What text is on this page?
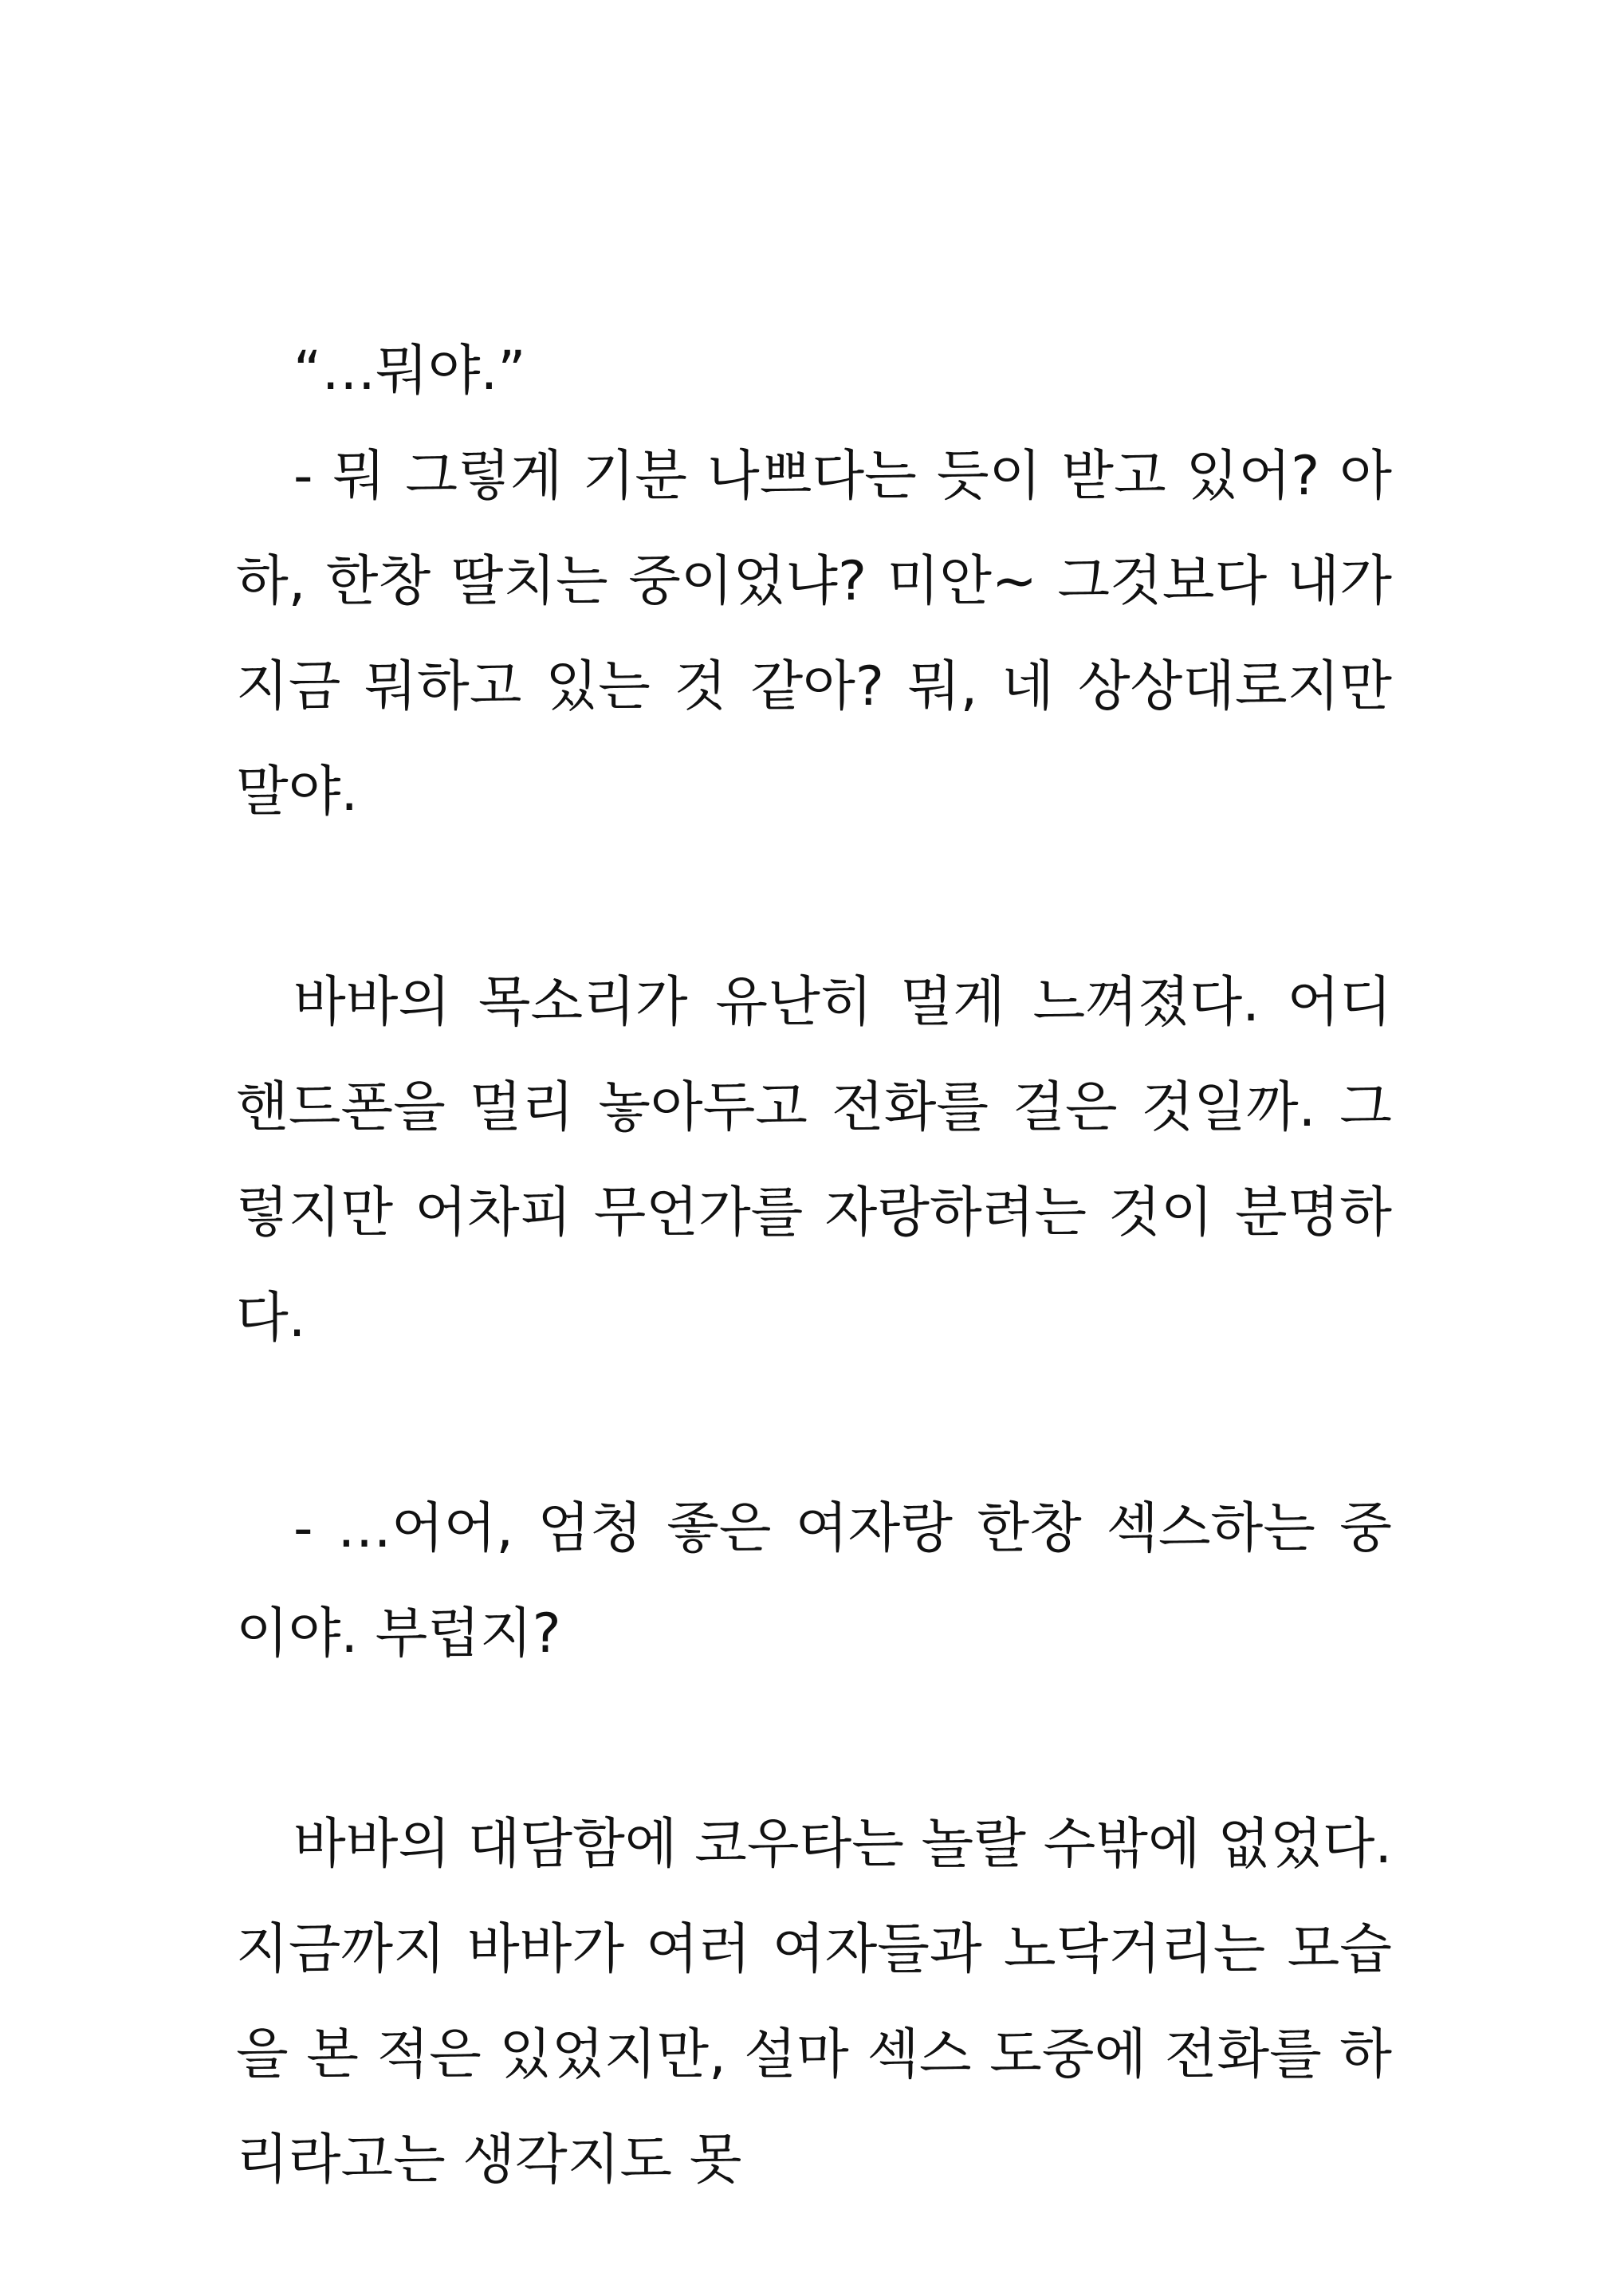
“…뭐야.”

- 뭐 그렇게 기분 나쁘다는 듯이 받고 있어? 아하, 한창 딸치는 중이었냐? 미안~ 그것보다 내가 지금 뭐하고 있는 것 같아? 뭐, 네 상상대로지만 말야.

바바의 목소리가 유난히 멀게 느껴졌다. 어디 핸드폰을 멀리 놓아두고 전화를 걸은 것일까. 그렇지만 어차피 무언가를 자랑하려는 것이 분명하다.

- …어어, 엄청 좋은 여자랑 한창 섹스하는 중이야. 부럽지?

바바의 대담함에 코우타는 놀랄 수밖에 없었다. 지금까지 바바가 여러 여자들과 노닥거리는 모습을 본 적은 있었지만, 설마 섹스 도중에 전화를 하리라고는 생각지도 못
